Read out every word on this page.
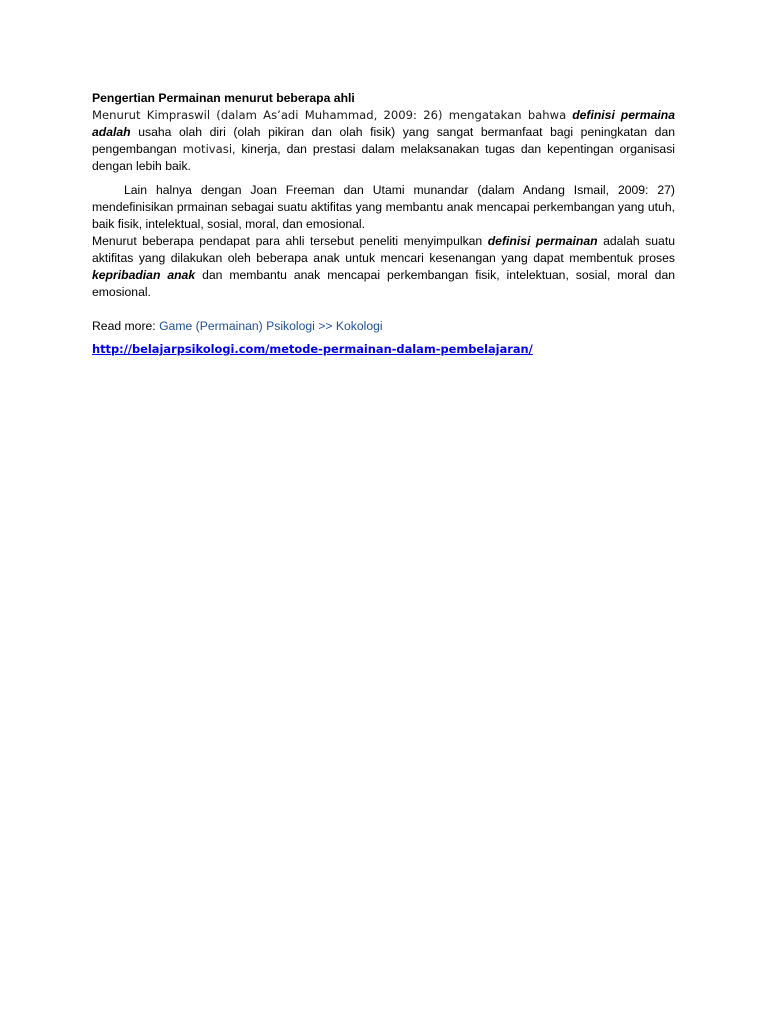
Pengertian Permainan menurut beberapa ahli

Menurut Kimpraswil (dalam As’adi Muhammad, 2009: 26) mengatakan bahwa definisi permaina adalah usaha olah diri (olah pikiran dan olah fisik) yang sangat bermanfaat bagi peningkatan dan pengembangan motivasi, kinerja, dan prestasi dalam melaksanakan tugas dan kepentingan organisasi dengan lebih baik.

Lain halnya dengan Joan Freeman dan Utami munandar (dalam Andang Ismail, 2009: 27) mendefinisikan prmainan sebagai suatu aktifitas yang membantu anak mencapai perkembangan yang utuh, baik fisik, intelektual, sosial, moral, dan emosional.

Menurut beberapa pendapat para ahli tersebut peneliti menyimpulkan definisi permainan adalah suatu aktifitas yang dilakukan oleh beberapa anak untuk mencari kesenangan yang dapat membentuk proses kepribadian anak dan membantu anak mencapai perkembangan fisik, intelektuan, sosial, moral dan emosional.

Read more: Game (Permainan) Psikologi >> Kokologi

http://belajarpsikologi.com/metode-permainan-dalam-pembelajaran/
